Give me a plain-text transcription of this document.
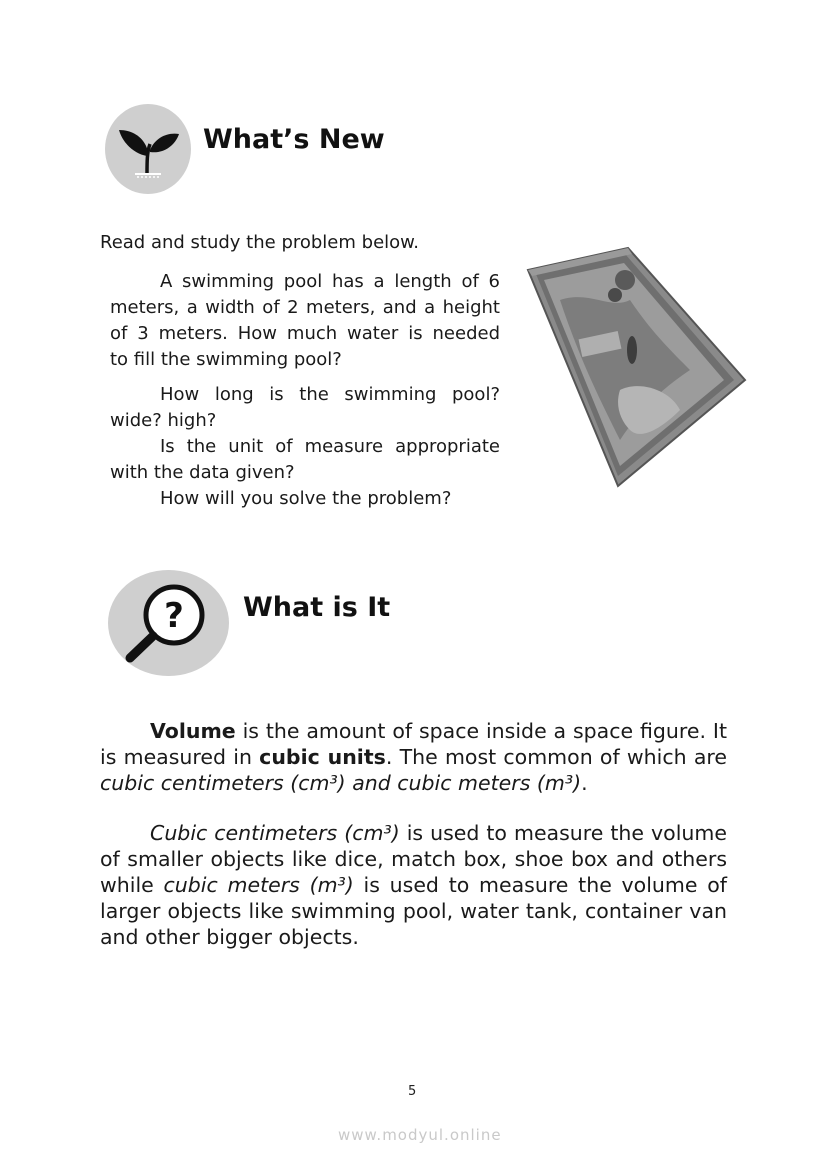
What’s New
Read and study the problem below.
A swimming pool has a length of 6
meters, a width of 2 meters, and a height
of 3 meters. How much water is needed
to fill the swimming pool?
How long is the swimming pool?
wide? high?
Is the unit of measure appropriate
with the data given?
How will you solve the problem?
? What is It
Volume is the amount of space inside a space figure. It is measured in cubic units. The most common of which are cubic centimeters (cm³) and cubic meters (m³).
Cubic centimeters (cm³) is used to measure the volume of smaller objects like dice, match box, shoe box and others while cubic meters (m³) is used to measure the volume of larger objects like swimming pool, water tank, container van and other bigger objects.
5
www.modyul.online
